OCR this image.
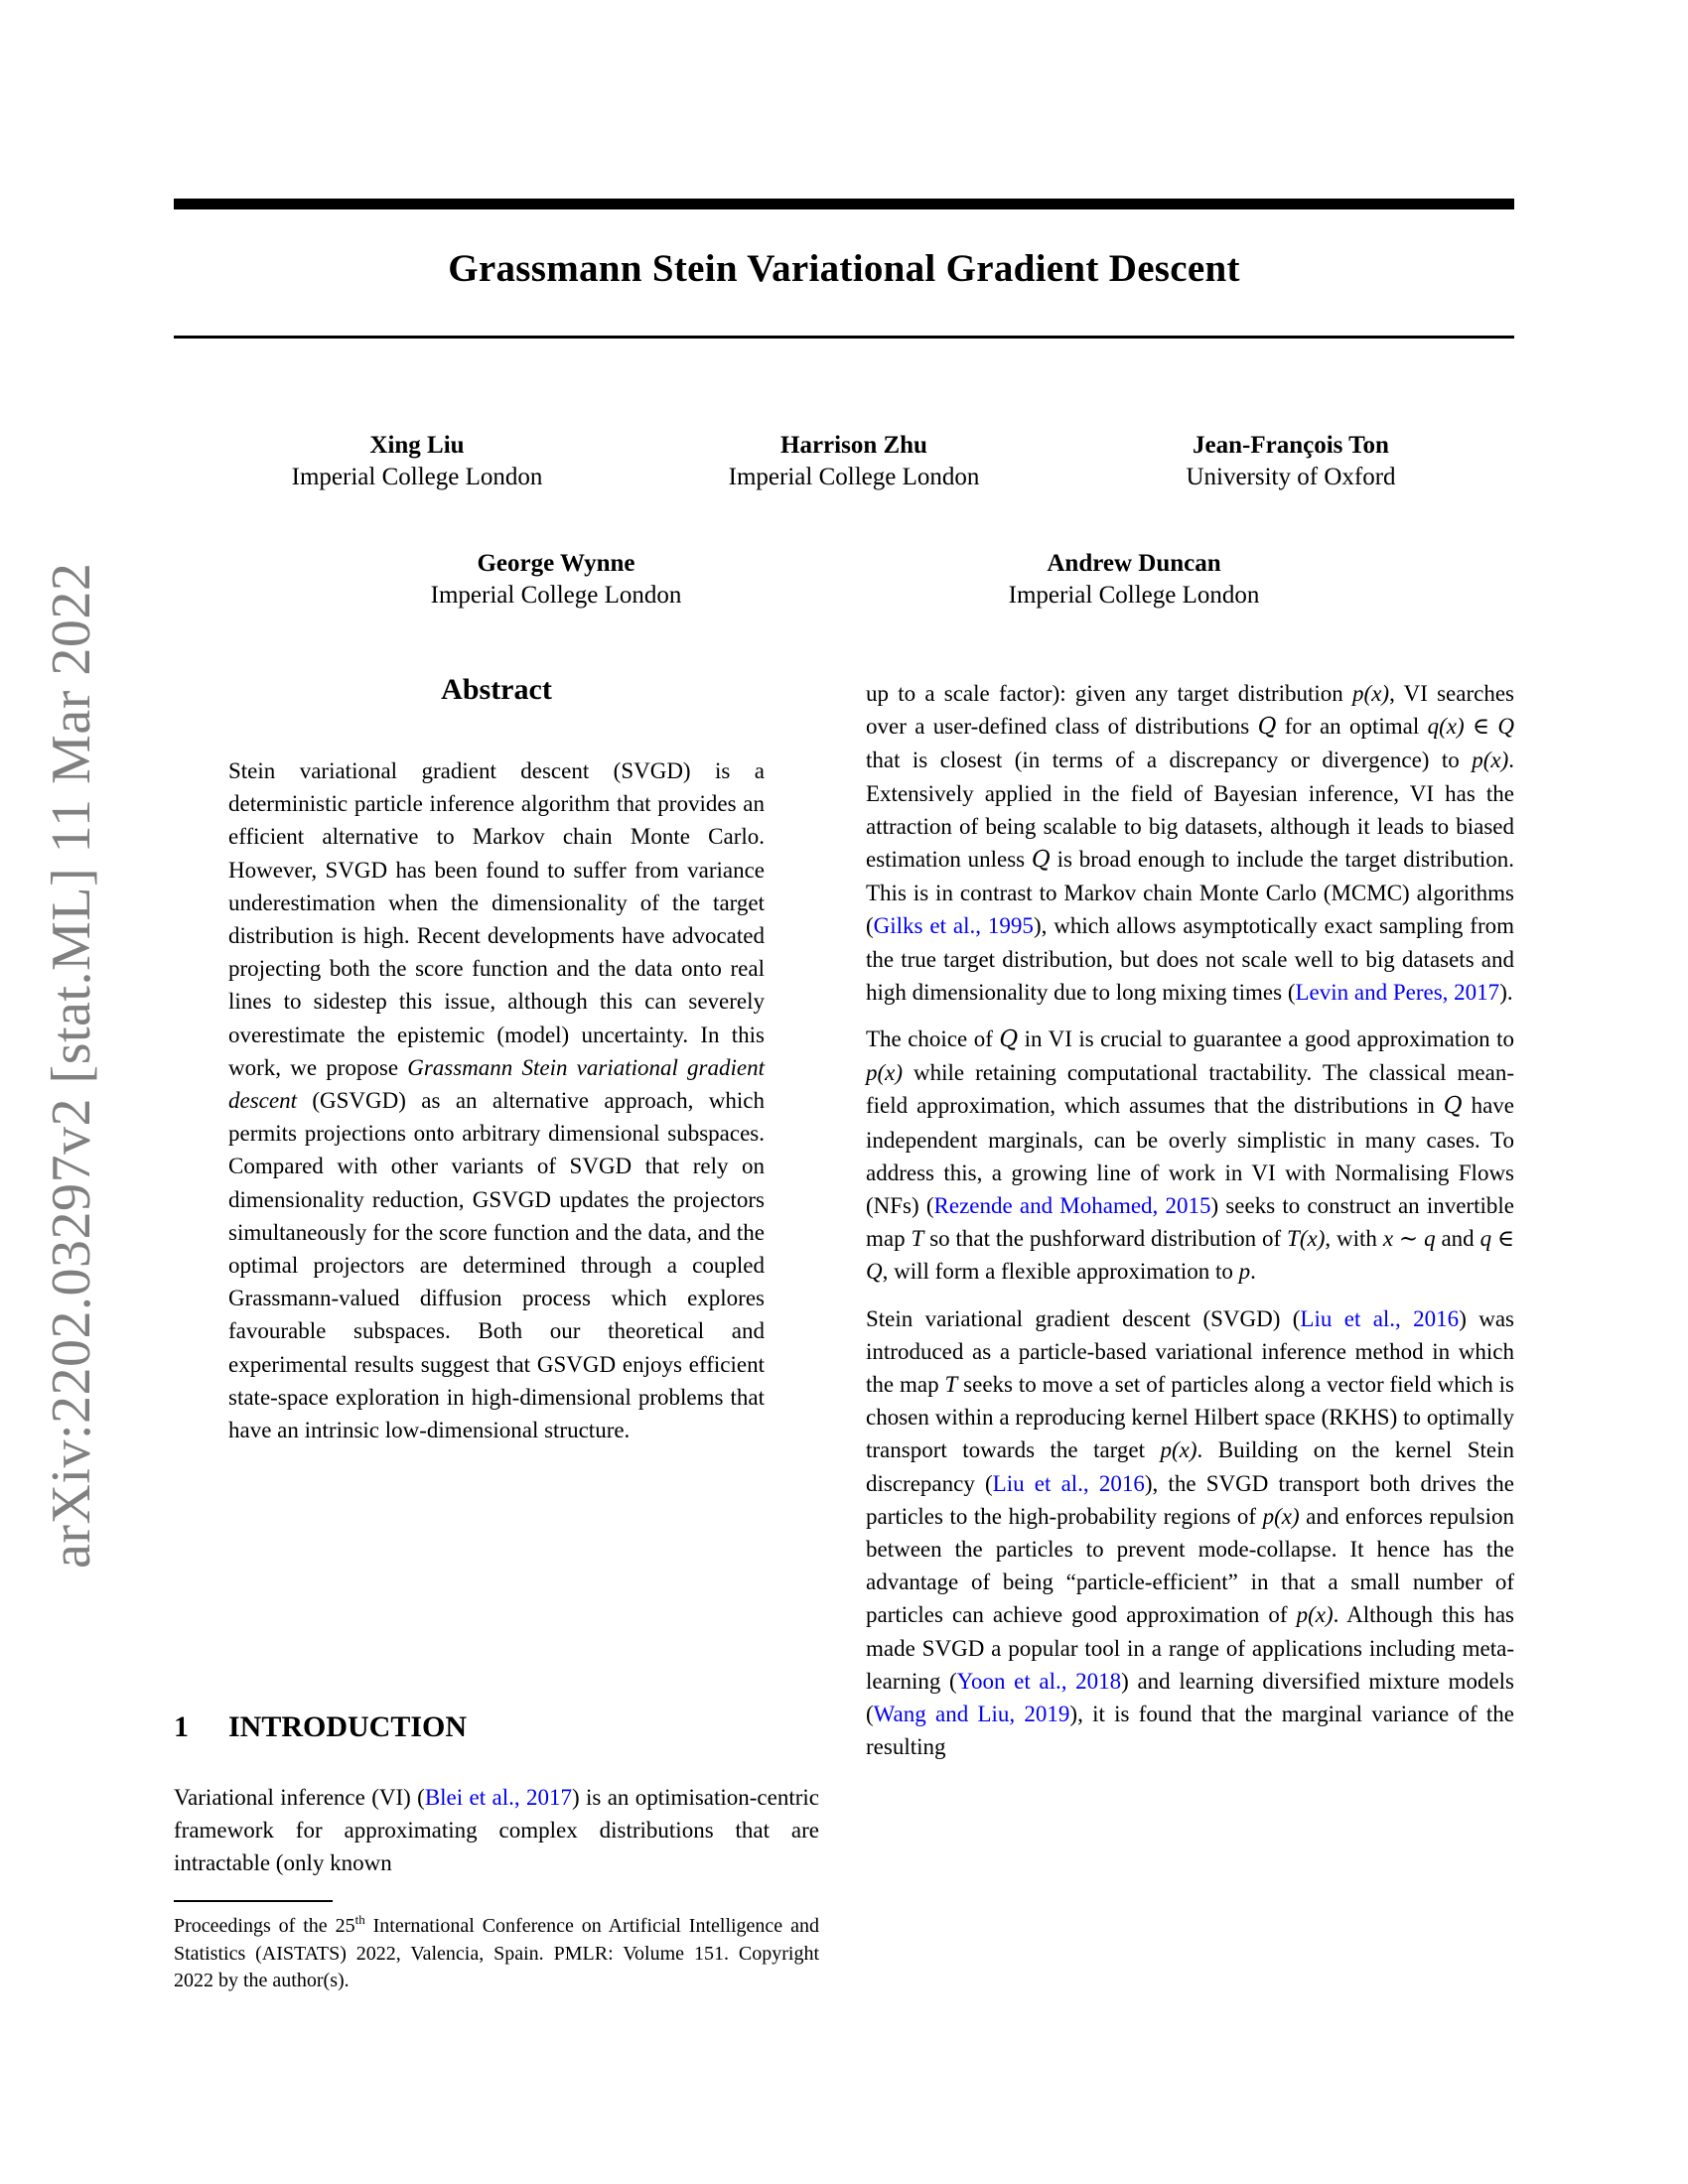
arXiv:2202.03297v2 [stat.ML] 11 Mar 2022
Grassmann Stein Variational Gradient Descent
Xing Liu
Imperial College London
Harrison Zhu
Imperial College London
Jean-François Ton
University of Oxford
George Wynne
Imperial College London
Andrew Duncan
Imperial College London
Abstract

Stein variational gradient descent (SVGD) is a deterministic particle inference algorithm that provides an efficient alternative to Markov chain Monte Carlo. However, SVGD has been found to suffer from variance underestimation when the dimensionality of the target distribution is high. Recent developments have advocated projecting both the score function and the data onto real lines to sidestep this issue, although this can severely overestimate the epistemic (model) uncertainty. In this work, we propose Grassmann Stein variational gradient descent (GSVGD) as an alternative approach, which permits projections onto arbitrary dimensional subspaces. Compared with other variants of SVGD that rely on dimensionality reduction, GSVGD updates the projectors simultaneously for the score function and the data, and the optimal projectors are determined through a coupled Grassmann-valued diffusion process which explores favourable subspaces. Both our theoretical and experimental results suggest that GSVGD enjoys efficient state-space exploration in high-dimensional problems that have an intrinsic low-dimensional structure.

1 INTRODUCTION

Variational inference (VI) (Blei et al., 2017) is an optimisation-centric framework for approximating complex distributions that are intractable (only known

Proceedings of the 25th International Conference on Artificial Intelligence and Statistics (AISTATS) 2022, Valencia, Spain. PMLR: Volume 151. Copyright 2022 by the author(s).

up to a scale factor): given any target distribution p(x), VI searches over a user-defined class of distributions Q for an optimal q(x) ∈ Q that is closest (in terms of a discrepancy or divergence) to p(x). Extensively applied in the field of Bayesian inference, VI has the attraction of being scalable to big datasets, although it leads to biased estimation unless Q is broad enough to include the target distribution. This is in contrast to Markov chain Monte Carlo (MCMC) algorithms (Gilks et al., 1995), which allows asymptotically exact sampling from the true target distribution, but does not scale well to big datasets and high dimensionality due to long mixing times (Levin and Peres, 2017).

The choice of Q in VI is crucial to guarantee a good approximation to p(x) while retaining computational tractability. The classical mean-field approximation, which assumes that the distributions in Q have independent marginals, can be overly simplistic in many cases. To address this, a growing line of work in VI with Normalising Flows (NFs) (Rezende and Mohamed, 2015) seeks to construct an invertible map T so that the pushforward distribution of T(x), with x ∼ q and q ∈ Q, will form a flexible approximation to p.

Stein variational gradient descent (SVGD) (Liu et al., 2016) was introduced as a particle-based variational inference method in which the map T seeks to move a set of particles along a vector field which is chosen within a reproducing kernel Hilbert space (RKHS) to optimally transport towards the target p(x). Building on the kernel Stein discrepancy (Liu et al., 2016), the SVGD transport both drives the particles to the high-probability regions of p(x) and enforces repulsion between the particles to prevent mode-collapse. It hence has the advantage of being “particle-efficient” in that a small number of particles can achieve good approximation of p(x). Although this has made SVGD a popular tool in a range of applications including meta-learning (Yoon et al., 2018) and learning diversified mixture models (Wang and Liu, 2019), it is found that the marginal variance of the resulting
